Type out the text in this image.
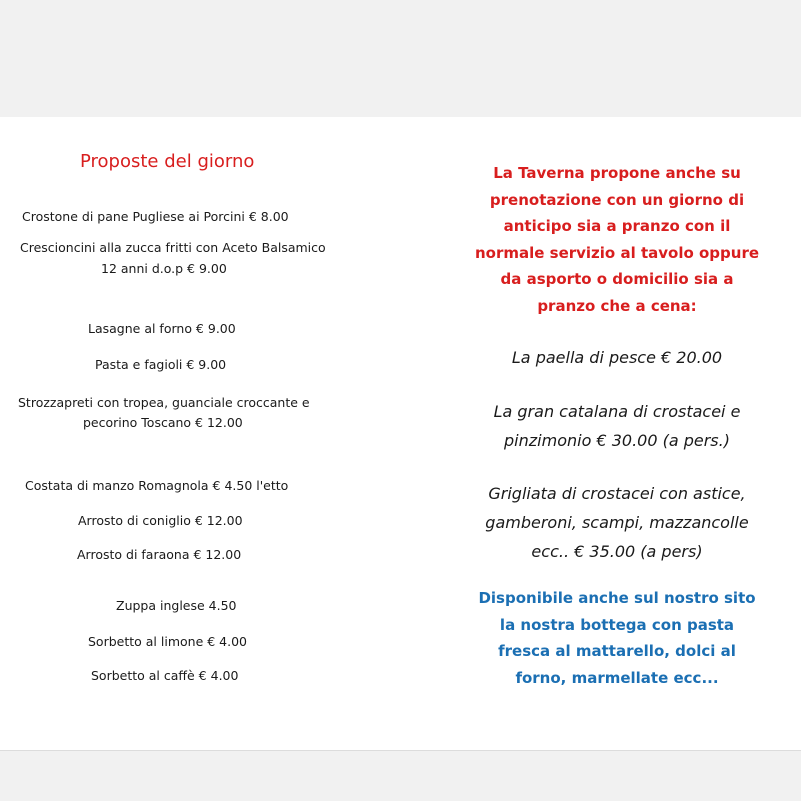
Proposte del giorno
Crostone di pane Pugliese ai Porcini € 8.00
Crescioncini alla zucca fritti con Aceto Balsamico
12 anni d.o.p € 9.00
Lasagne al forno € 9.00
Pasta e fagioli € 9.00
Strozzapreti con tropea, guanciale croccante e
pecorino Toscano € 12.00
Costata di manzo Romagnola € 4.50 l'etto
Arrosto di coniglio € 12.00
Arrosto di faraona € 12.00
Zuppa inglese 4.50
Sorbetto al limone € 4.00
Sorbetto al caffè € 4.00
La Taverna propone anche su
prenotazione con un giorno di
anticipo sia a pranzo con il
normale servizio al tavolo oppure
da asporto o domicilio sia a
pranzo che a cena:
La paella di pesce € 20.00
La gran catalana di crostacei e
pinzimonio € 30.00 (a pers.)
Grigliata di crostacei con astice,
gamberoni, scampi, mazzancolle
ecc.. € 35.00 (a pers)
Disponibile anche sul nostro sito
la nostra bottega con pasta
fresca al mattarello, dolci al
forno, marmellate ecc...
